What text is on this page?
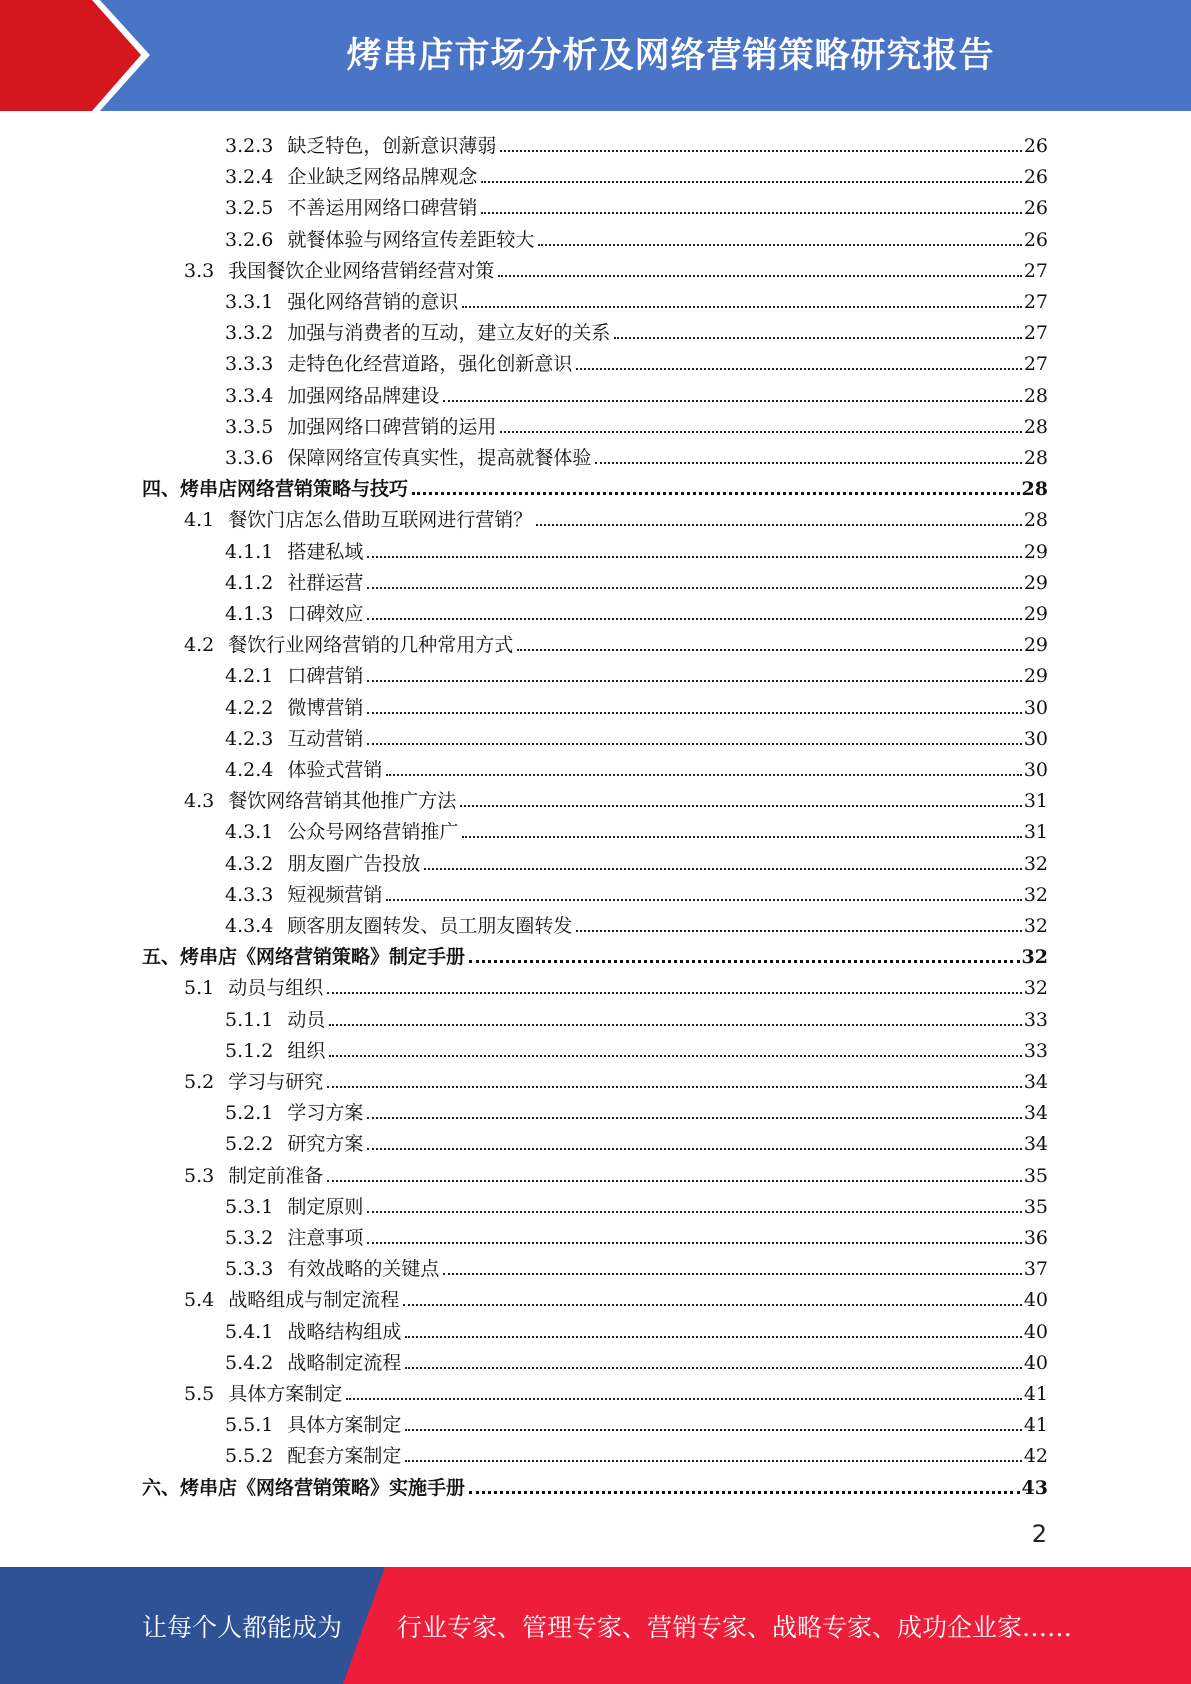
烤串店市场分析及网络营销策略研究报告
3.2.3 缺乏特色，创新意识薄弱	26
3.2.4 企业缺乏网络品牌观念	26
3.2.5 不善运用网络口碑营销	26
3.2.6 就餐体验与网络宣传差距较大	26
3.3 我国餐饮企业网络营销经营对策	27
3.3.1 强化网络营销的意识	27
3.3.2 加强与消费者的互动，建立友好的关系	27
3.3.3 走特色化经营道路，强化创新意识	27
3.3.4 加强网络品牌建设	28
3.3.5 加强网络口碑营销的运用	28
3.3.6 保障网络宣传真实性，提高就餐体验	28
四、烤串店网络营销策略与技巧	28
4.1 餐饮门店怎么借助互联网进行营销？	28
4.1.1 搭建私域	29
4.1.2 社群运营	29
4.1.3 口碑效应	29
4.2 餐饮行业网络营销的几种常用方式	29
4.2.1 口碑营销	29
4.2.2 微博营销	30
4.2.3 互动营销	30
4.2.4 体验式营销	30
4.3 餐饮网络营销其他推广方法	31
4.3.1 公众号网络营销推广	31
4.3.2 朋友圈广告投放	32
4.3.3 短视频营销	32
4.3.4 顾客朋友圈转发、员工朋友圈转发	32
五、烤串店《网络营销策略》制定手册	32
5.1 动员与组织	32
5.1.1 动员	33
5.1.2 组织	33
5.2 学习与研究	34
5.2.1 学习方案	34
5.2.2 研究方案	34
5.3 制定前准备	35
5.3.1 制定原则	35
5.3.2 注意事项	36
5.3.3 有效战略的关键点	37
5.4 战略组成与制定流程	40
5.4.1 战略结构组成	40
5.4.2 战略制定流程	40
5.5 具体方案制定	41
5.5.1 具体方案制定	41
5.5.2 配套方案制定	42
六、烤串店《网络营销策略》实施手册	43
2
让每个人都能成为 行业专家、管理专家、营销专家、战略专家、成功企业家……
